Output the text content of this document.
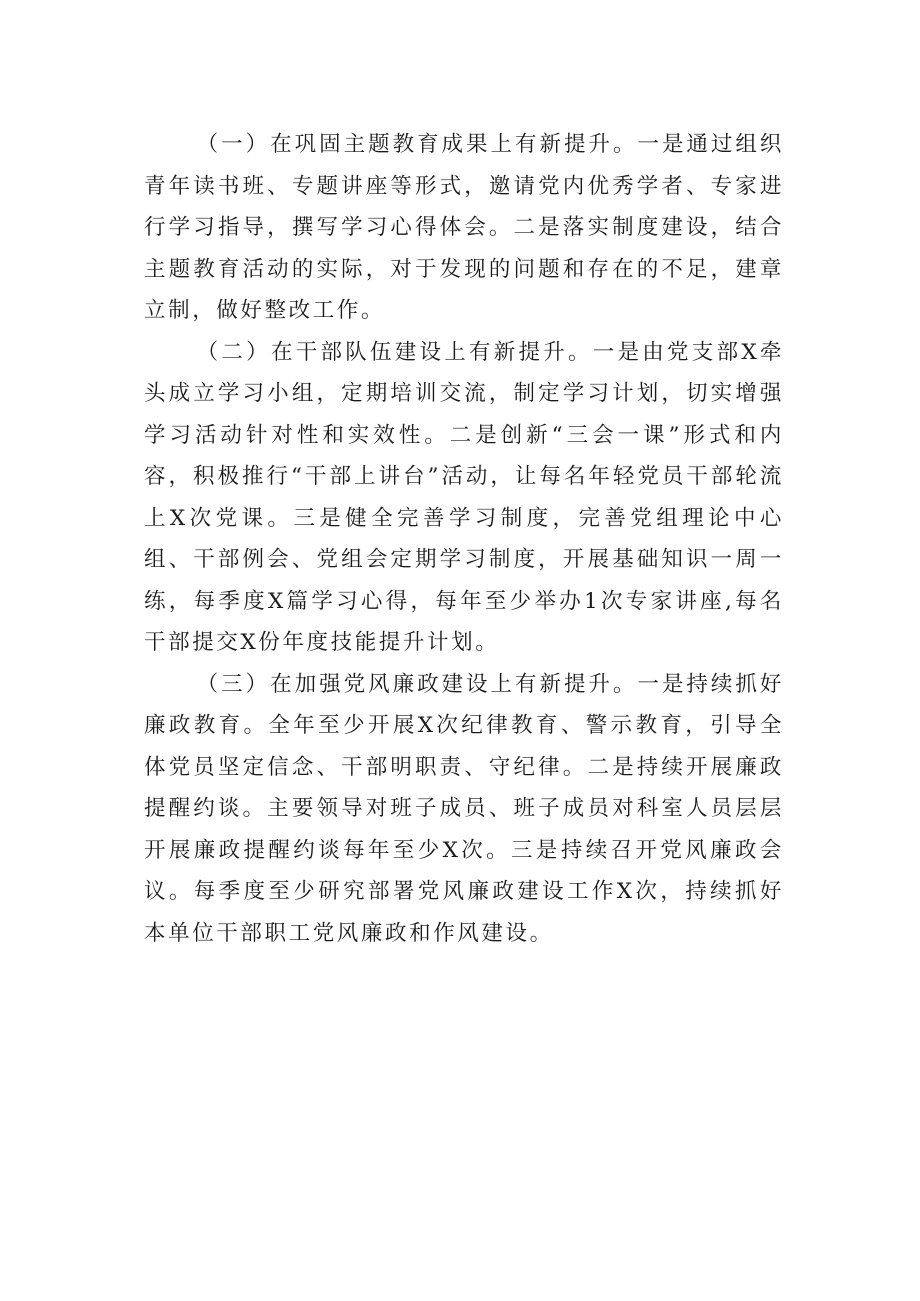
（一）在巩固主题教育成果上有新提升。一是通过组织青年读书班、专题讲座等形式，邀请党内优秀学者、专家进行学习指导，撰写学习心得体会。二是落实制度建设，结合主题教育活动的实际，对于发现的问题和存在的不足，建章立制，做好整改工作。

（二）在干部队伍建设上有新提升。一是由党支部X牵头成立学习小组，定期培训交流，制定学习计划，切实增强学习活动针对性和实效性。二是创新“三会一课”形式和内容，积极推行“干部上讲台”活动，让每名年轻党员干部轮流上X次党课。三是健全完善学习制度，完善党组理论中心组、干部例会、党组会定期学习制度，开展基础知识一周一练，每季度X篇学习心得，每年至少举办1次专家讲座,每名干部提交X份年度技能提升计划。

（三）在加强党风廉政建设上有新提升。一是持续抓好廉政教育。全年至少开展X次纪律教育、警示教育，引导全体党员坚定信念、干部明职责、守纪律。二是持续开展廉政提醒约谈。主要领导对班子成员、班子成员对科室人员层层开展廉政提醒约谈每年至少X次。三是持续召开党风廉政会议。每季度至少研究部署党风廉政建设工作X次，持续抓好本单位干部职工党风廉政和作风建设。
